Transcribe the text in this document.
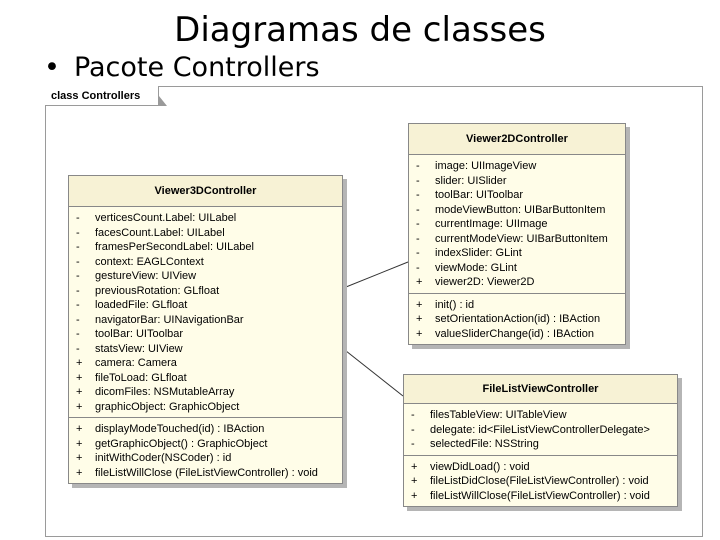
Diagramas de classes
• Pacote Controllers
class Controllers
Viewer3DController
-	verticesCount.Label: UILabel
-	facesCount.Label: UILabel
-	framesPerSecondLabel: UILabel
-	context: EAGLContext
-	gestureView: UIView
-	previousRotation: GLfloat
-	loadedFile: GLfloat
-	navigatorBar: UINavigationBar
-	toolBar: UIToolbar
-	statsView: UIView
+	camera: Camera
+	fileToLoad: GLfloat
+	dicomFiles: NSMutableArray
+	graphicObject: GraphicObject
+	displayModeTouched(id) : IBAction
+	getGraphicObject() : GraphicObject
+	initWithCoder(NSCoder) : id
+	fileListWillClose (FileListViewController) : void
Viewer2DController
-	image: UIImageView
-	slider: UISlider
-	toolBar: UIToolbar
-	modeViewButton: UIBarButtonItem
-	currentImage: UIImage
-	currentModeView: UIBarButtonItem
-	indexSlider: GLint
-	viewMode: GLint
+	viewer2D: Viewer2D
+	init() : id
+	setOrientationAction(id) : IBAction
+	valueSliderChange(id) : IBAction
FileListViewController
-	filesTableView: UITableView
-	delegate: id<FileListViewControllerDelegate>
-	selectedFile: NSString
+	viewDidLoad() : void
+	fileListDidClose(FileListViewController) : void
+	fileListWillClose(FileListViewController) : void
